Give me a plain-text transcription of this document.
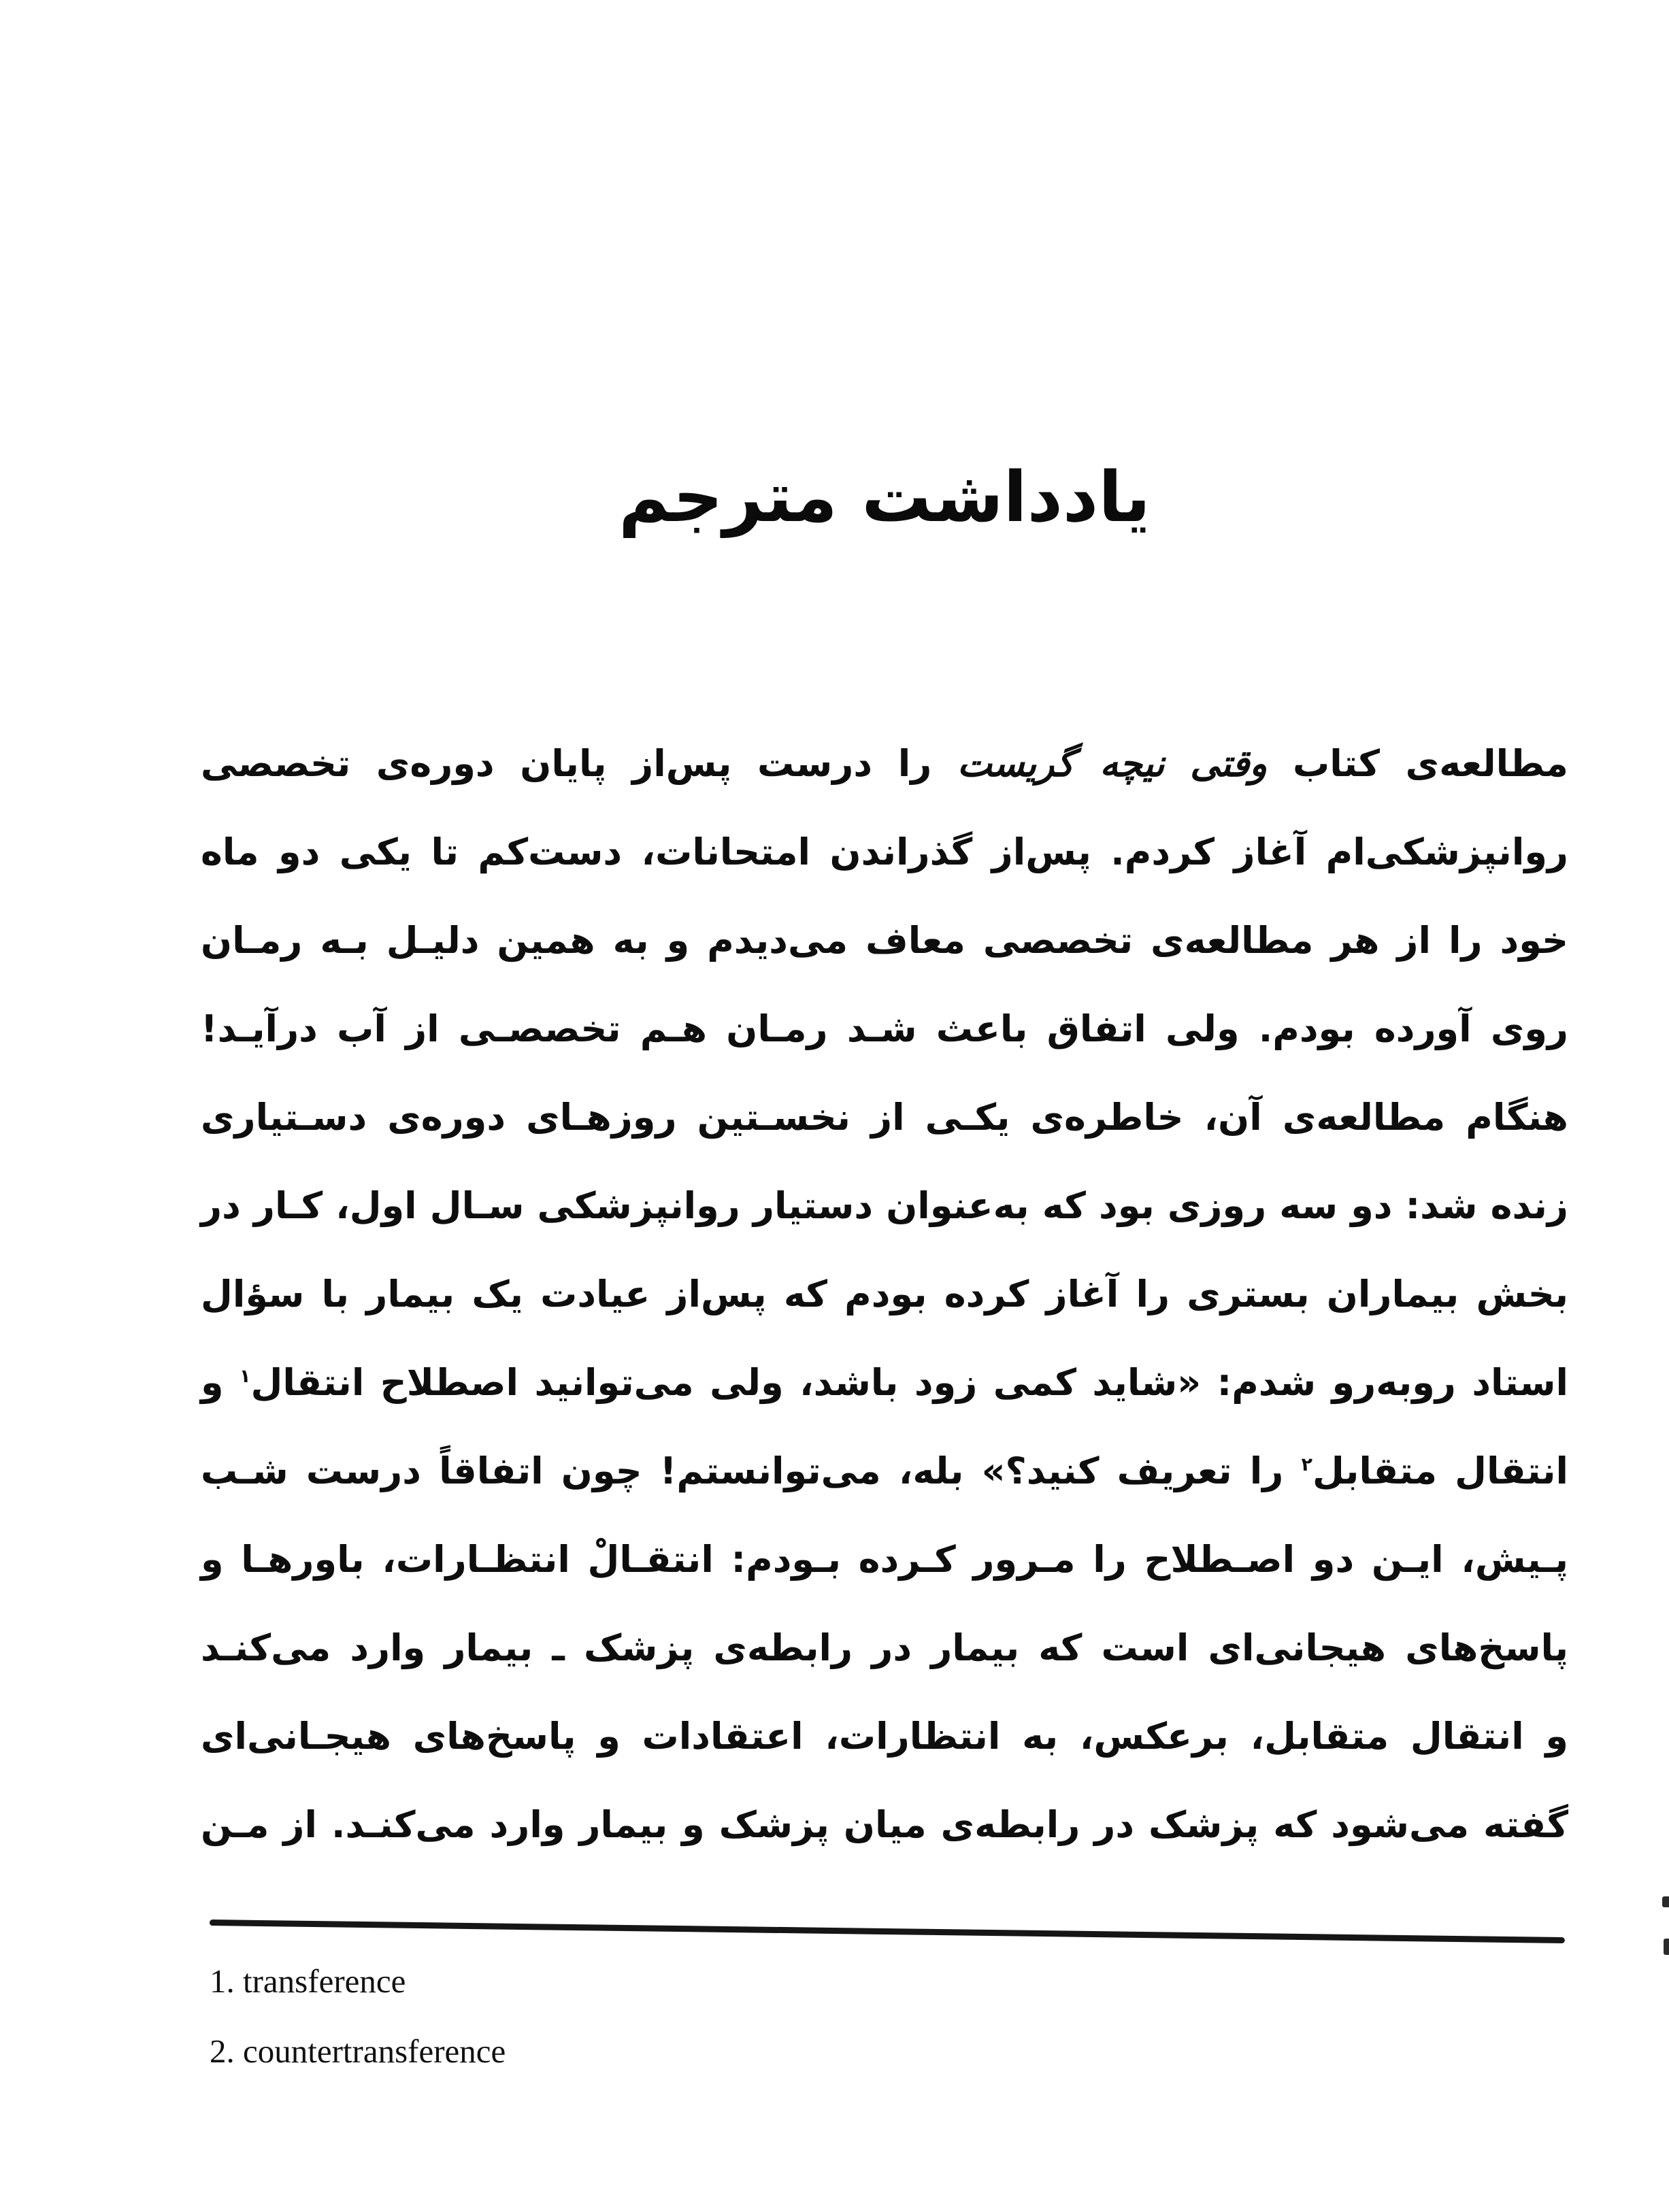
یادداشت مترجم
مطالعه‌ی کتاب وقتی نیچه گریست را درست پس‌از پایان دوره‌ی تخصصی
روانپزشکی‌ام آغاز کردم. پس‌از گذراندن امتحانات، دست‌کم تا یکی دو ماه
خود را از هر مطالعه‌ی تخصصی معاف می‌دیدم و به همین دلیـل بـه رمـان
روی آورده بودم. ولی اتفاق باعث شـد رمـان هـم تخصصـی از آب درآیـد!
هنگام مطالعه‌ی آن، خاطره‌ی یکـی از نخسـتین روزهـای دوره‌ی دسـتیاری
زنده شد: دو سه روزی بود که به‌عنوان دستیار روانپزشکی سـال اول، کـار در
بخش بیماران بستری را آغاز کرده بودم که پس‌از عیادت یک بیمار با سؤال
استاد روبه‌رو شدم: «شاید کمی زود باشد، ولی می‌توانید اصطلاح انتقال$^۱$ و
انتقال متقابل$^۲$ را تعریف کنید؟» بله، می‌توانستم! چون اتفاقاً درست شـب
پـیش، ایـن دو اصـطلاح را مـرور کـرده بـودم: انتقـالْ انتظـارات، باورهـا و
پاسخ‌های هیجانی‌ای است که بیمار در رابطه‌ی پزشک ـ بیمار وارد می‌کنـد
و انتقال متقابل، برعکس، به انتظارات، اعتقادات و پاسخ‌های هیجـانی‌ای
گفته می‌شود که پزشک در رابطه‌ی میان پزشک و بیمار وارد می‌کنـد. از مـن
1. transference
2. countertransference
